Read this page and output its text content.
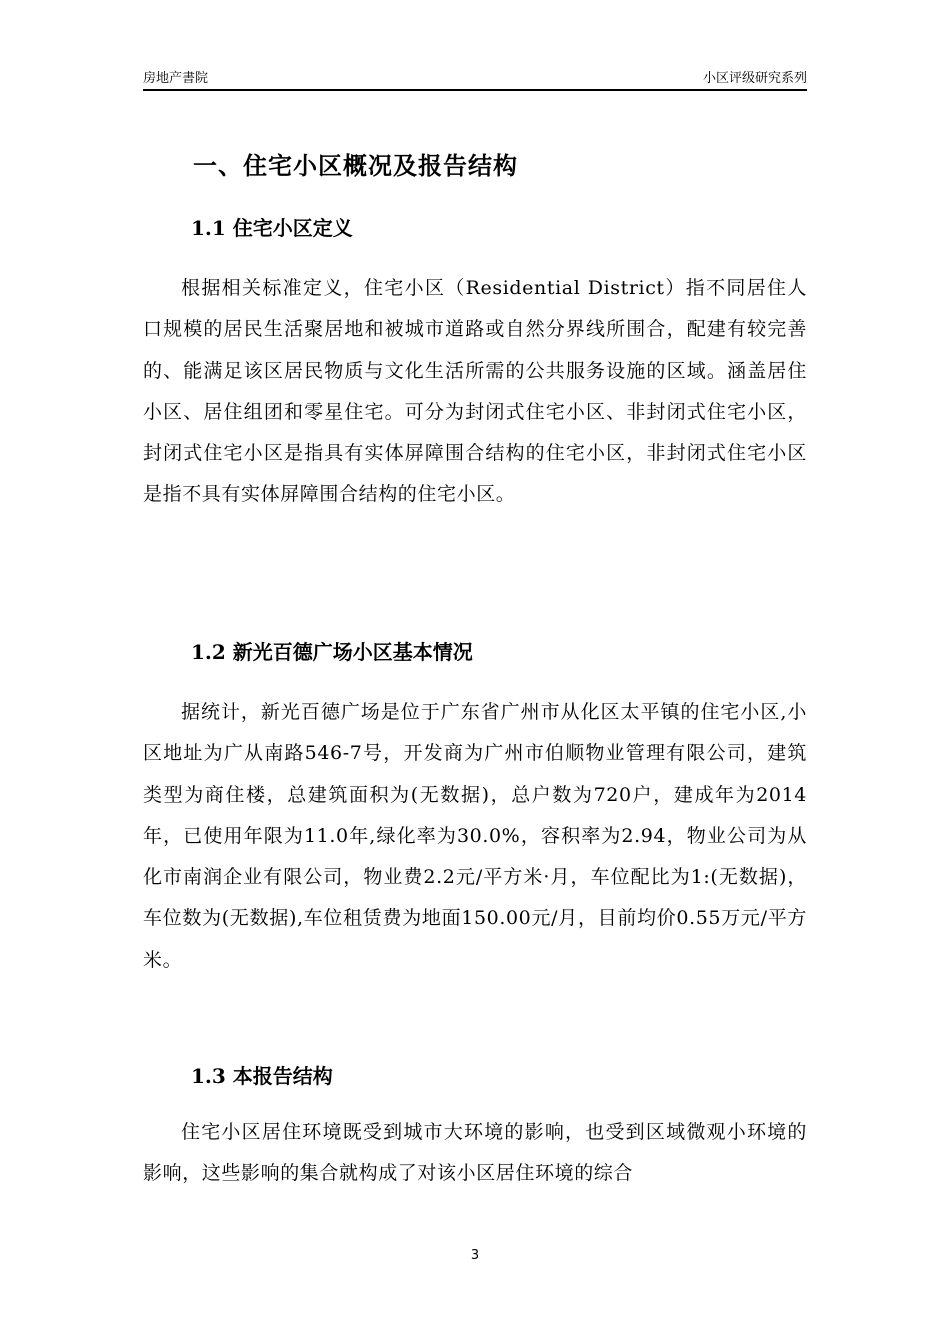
房地产書院	小区评级研究系列
一、住宅小区概况及报告结构
1.1 住宅小区定义
根据相关标准定义，住宅小区（Residential District）指不同居住人口规模的居民生活聚居地和被城市道路或自然分界线所围合，配建有较完善的、能满足该区居民物质与文化生活所需的公共服务设施的区域。涵盖居住小区、居住组团和零星住宅。可分为封闭式住宅小区、非封闭式住宅小区，封闭式住宅小区是指具有实体屏障围合结构的住宅小区，非封闭式住宅小区是指不具有实体屏障围合结构的住宅小区。
1.2 新光百德广场小区基本情况
据统计，新光百德广场是位于广东省广州市从化区太平镇的住宅小区,小区地址为广从南路546-7号，开发商为广州市伯顺物业管理有限公司，建筑类型为商住楼，总建筑面积为(无数据)，总户数为720户，建成年为2014年，已使用年限为11.0年,绿化率为30.0%，容积率为2.94，物业公司为从化市南润企业有限公司，物业费2.2元/平方米·月，车位配比为1:(无数据)，车位数为(无数据),车位租赁费为地面150.00元/月，目前均价0.55万元/平方米。
1.3 本报告结构
住宅小区居住环境既受到城市大环境的影响，也受到区域微观小环境的影响，这些影响的集合就构成了对该小区居住环境的综合
3
